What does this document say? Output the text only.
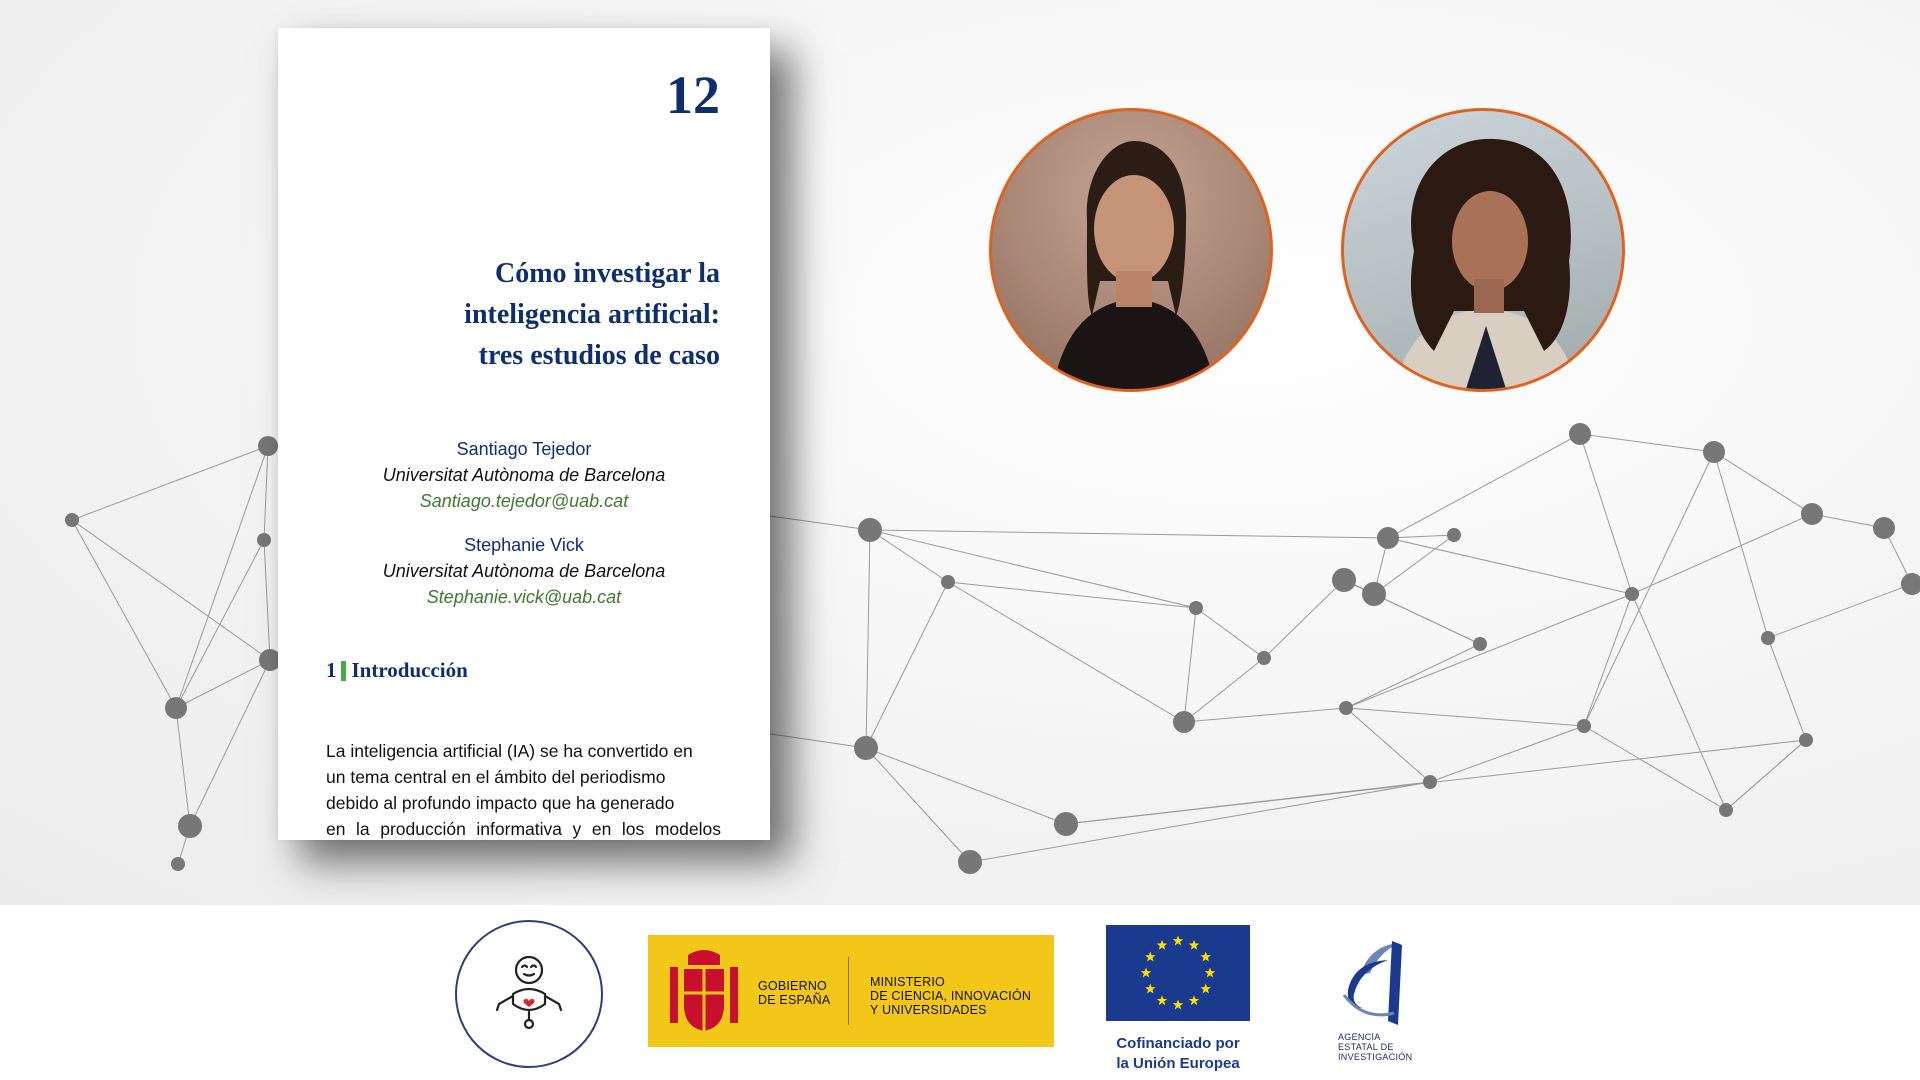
12
Cómo investigar la
inteligencia artificial:
tres estudios de caso
Santiago Tejedor
Universitat Autònoma de Barcelona
Santiago.tejedor@uab.cat
Stephanie Vick
Universitat Autònoma de Barcelona
Stephanie.vick@uab.cat
1 Introducción
La inteligencia artificial (IA) se ha convertido en
un tema central en el ámbito del periodismo
debido al profundo impacto que ha generado
en la producción informativa y en los modelos
GOBIERNO
DE ESPAÑA
MINISTERIO
DE CIENCIA, INNOVACIÓN
Y UNIVERSIDADES
Cofinanciado por
la Unión Europea
AGENCIA
ESTATAL DE
INVESTIGACIÓN
